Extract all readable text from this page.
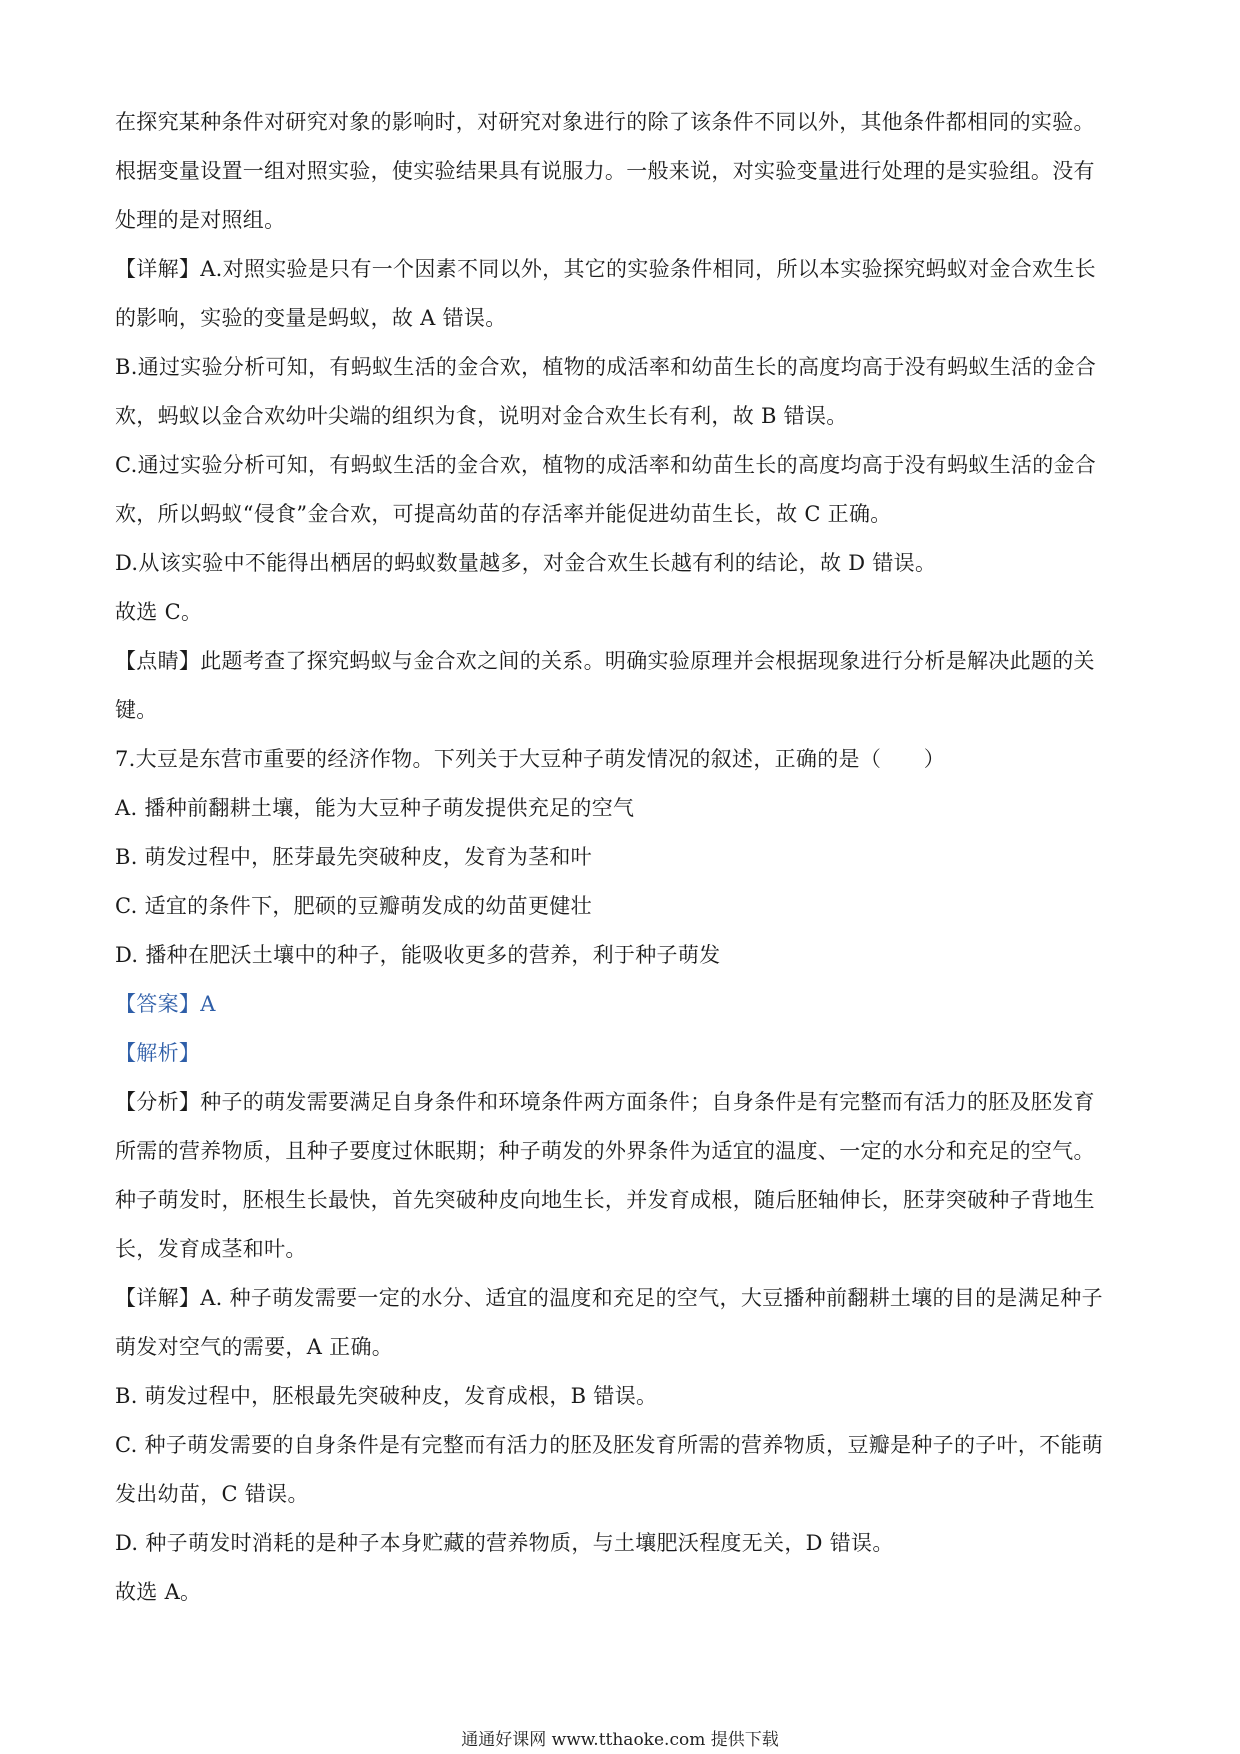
在探究某种条件对研究对象的影响时，对研究对象进行的除了该条件不同以外，其他条件都相同的实验。
根据变量设置一组对照实验，使实验结果具有说服力。一般来说，对实验变量进行处理的是实验组。没有
处理的是对照组。
【详解】A.对照实验是只有一个因素不同以外，其它的实验条件相同，所以本实验探究蚂蚁对金合欢生长
的影响，实验的变量是蚂蚁，故 A 错误。
B.通过实验分析可知，有蚂蚁生活的金合欢，植物的成活率和幼苗生长的高度均高于没有蚂蚁生活的金合
欢，蚂蚁以金合欢幼叶尖端的组织为食，说明对金合欢生长有利，故 B 错误。
C.通过实验分析可知，有蚂蚁生活的金合欢，植物的成活率和幼苗生长的高度均高于没有蚂蚁生活的金合
欢，所以蚂蚁“侵食”金合欢，可提高幼苗的存活率并能促进幼苗生长，故 C 正确。
D.从该实验中不能得出栖居的蚂蚁数量越多，对金合欢生长越有利的结论，故 D 错误。
故选 C。
【点睛】此题考查了探究蚂蚁与金合欢之间的关系。明确实验原理并会根据现象进行分析是解决此题的关
键。
7.大豆是东营市重要的经济作物。下列关于大豆种子萌发情况的叙述，正确的是（　　）
A. 播种前翻耕土壤，能为大豆种子萌发提供充足的空气
B. 萌发过程中，胚芽最先突破种皮，发育为茎和叶
C. 适宜的条件下，肥硕的豆瓣萌发成的幼苗更健壮
D. 播种在肥沃土壤中的种子，能吸收更多的营养，利于种子萌发
【答案】A
【解析】
【分析】种子的萌发需要满足自身条件和环境条件两方面条件；自身条件是有完整而有活力的胚及胚发育
所需的营养物质，且种子要度过休眠期；种子萌发的外界条件为适宜的温度、一定的水分和充足的空气。
种子萌发时，胚根生长最快，首先突破种皮向地生长，并发育成根，随后胚轴伸长，胚芽突破种子背地生
长，发育成茎和叶。
【详解】A. 种子萌发需要一定的水分、适宜的温度和充足的空气，大豆播种前翻耕土壤的目的是满足种子
萌发对空气的需要，A 正确。
B. 萌发过程中，胚根最先突破种皮，发育成根，B 错误。
C. 种子萌发需要的自身条件是有完整而有活力的胚及胚发育所需的营养物质，豆瓣是种子的子叶，不能萌
发出幼苗，C 错误。
D. 种子萌发时消耗的是种子本身贮藏的营养物质，与土壤肥沃程度无关，D 错误。
故选 A。
通通好课网 www.tthaoke.com 提供下载
